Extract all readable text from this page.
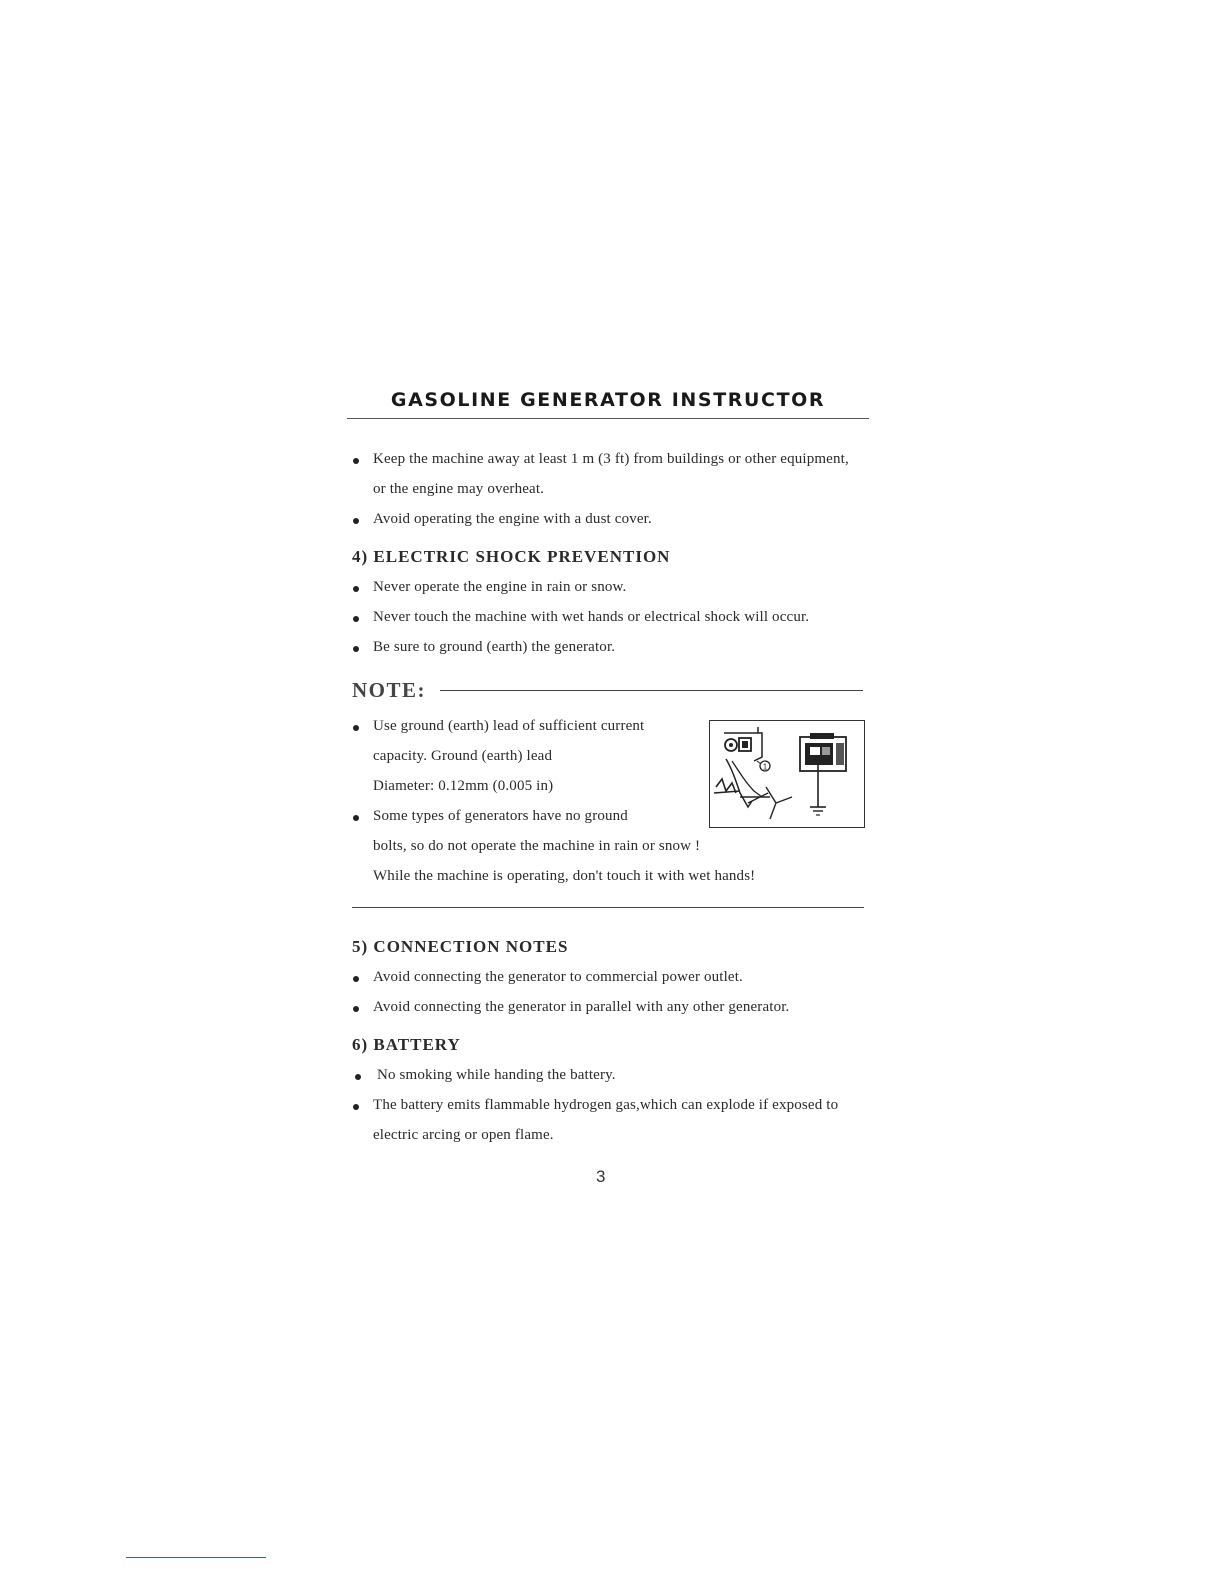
GASOLINE GENERATOR INSTRUCTOR
Keep the machine away at least 1 m (3 ft) from buildings or other equipment,
or the engine may overheat.
Avoid operating the engine with a dust cover.
4) ELECTRIC SHOCK PREVENTION
Never operate the engine in rain or snow.
Never touch the machine with wet hands or electrical shock will occur.
Be sure to ground (earth) the generator.
NOTE:
Use ground (earth) lead of sufficient current
capacity. Ground (earth) lead
Diameter: 0.12mm (0.005 in)
Some types of generators have no ground
bolts, so do not operate the machine in rain or snow !
While the machine is operating, don't touch it with wet hands!
1
5) CONNECTION NOTES
Avoid connecting the generator to commercial power outlet.
Avoid connecting the generator in parallel with any other generator.
6) BATTERY
No smoking while handing the battery.
The battery emits flammable hydrogen gas,which can explode if exposed to
electric arcing or open flame.
3
